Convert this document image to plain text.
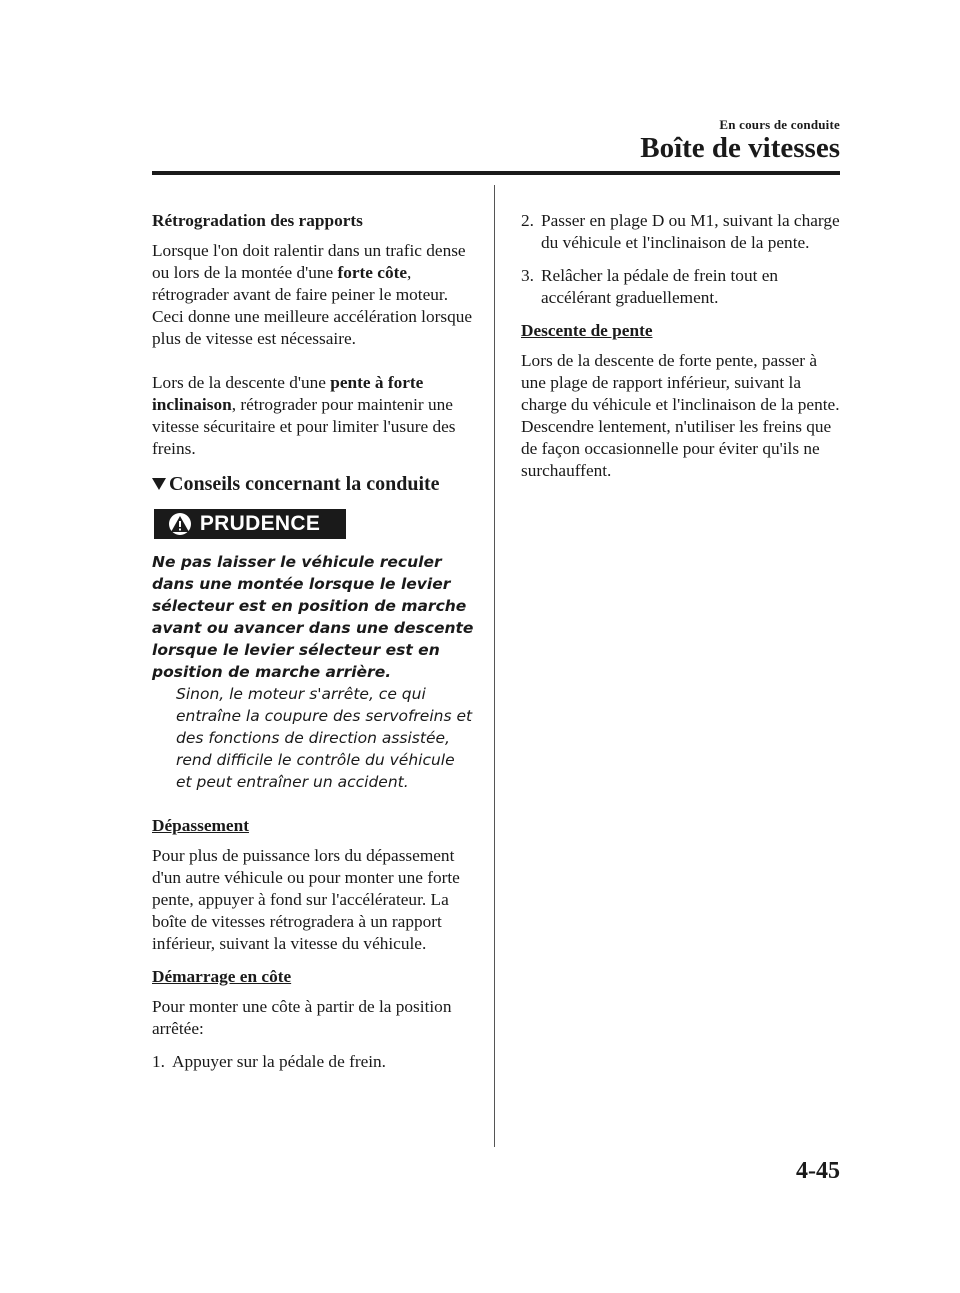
En cours de conduite
Boîte de vitesses

Rétrogradation des rapports

Lorsque l'on doit ralentir dans un trafic dense ou lors de la montée d'une forte côte, rétrograder avant de faire peiner le moteur. Ceci donne une meilleure accélération lorsque plus de vitesse est nécessaire.

Lors de la descente d'une pente à forte inclinaison, rétrograder pour maintenir une vitesse sécuritaire et pour limiter l'usure des freins.

Conseils concernant la conduite
PRUDENCE
Ne pas laisser le véhicule reculer dans une montée lorsque le levier sélecteur est en position de marche avant ou avancer dans une descente lorsque le levier sélecteur est en position de marche arrière.
Sinon, le moteur s'arrête, ce qui entraîne la coupure des servofreins et des fonctions de direction assistée, rend difficile le contrôle du véhicule et peut entraîner un accident.

Dépassement

Pour plus de puissance lors du dépassement d'un autre véhicule ou pour monter une forte pente, appuyer à fond sur l'accélérateur. La boîte de vitesses rétrogradera à un rapport inférieur, suivant la vitesse du véhicule.

Démarrage en côte

Pour monter une côte à partir de la position arrêtée:

1. Appuyer sur la pédale de frein.
2. Passer en plage D ou M1, suivant la charge du véhicule et l'inclinaison de la pente.
3. Relâcher la pédale de frein tout en accélérant graduellement.

Descente de pente

Lors de la descente de forte pente, passer à une plage de rapport inférieur, suivant la charge du véhicule et l'inclinaison de la pente. Descendre lentement, n'utiliser les freins que de façon occasionnelle pour éviter qu'ils ne surchauffent.

4-45
